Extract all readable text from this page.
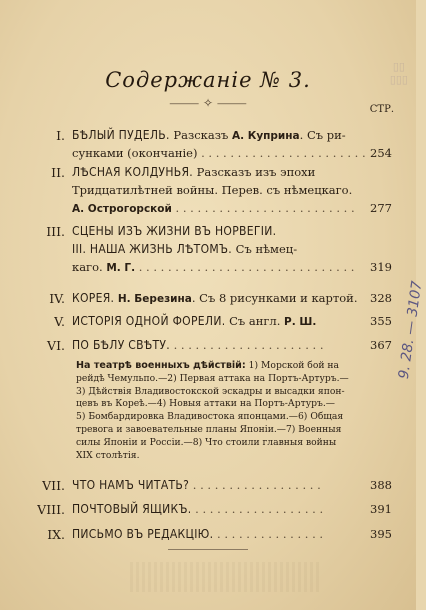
▯▯
▯▯▯
9. 28. — 3107
Содержаніе № 3.
⸻ ✧ ⸻	СТР.
I. БѢЛЫЙ ПУДЕЛЬ. Разсказъ А. Куприна. Съ ри-
сунками (окончаніе) . . . . . . . . . . . . . . . . . . . . . . . 254
II. ЛѢСНАЯ КОЛДУНЬЯ. Разсказъ изъ эпохи
Тридцатилѣтней войны. Перев. съ нѣмецкаго.
А. Острогорской . . . . . . . . . . . . . . . . . . . . . . . . .	277
III. СЦЕНЫ ИЗЪ ЖИЗНИ ВЪ НОРВЕГІИ.
III. НАША ЖИЗНЬ ЛѢТОМЪ. Съ нѣмец-
каго. М. Г. . . . . . . . . . . . . . . . . . . . . . . . . . . . . . .	319
IV. КОРЕЯ. Н. Березина. Съ 8 рисунками и картой.	328
V. ИСТОРІЯ ОДНОЙ ФОРЕЛИ. Съ англ. Р. Ш.	355
VI. ПО БѢЛУ СВѢТУ. . . . . . . . . . . . . . . . . . . . . .	367
VII. ЧТО НАМЪ ЧИТАТЬ? . . . . . . . . . . . . . . . . . .	388
VIII. ПОЧТОВЫЙ ЯЩИКЪ. . . . . . . . . . . . . . . . . . .	391
IX. ПИСЬМО ВЪ РЕДАКЦІЮ. . . . . . . . . . . . . . . .	395
На театрѣ военныхъ дѣйствій: 1) Морской бой на
рейдѣ Чемульпо.—2) Первая аттака на Портъ-Артуръ.—
3) Дѣйствія Владивостокской эскадры и высадки япон-
цевъ въ Кореѣ.—4) Новыя аттаки на Портъ-Артуръ.—
5) Бомбардировка Владивостока японцами.—6) Общая
тревога и завоевательные планы Японіи.—7) Военныя
силы Японіи и Россіи.—8) Что стоили главныя войны
XIX столѣтія.
